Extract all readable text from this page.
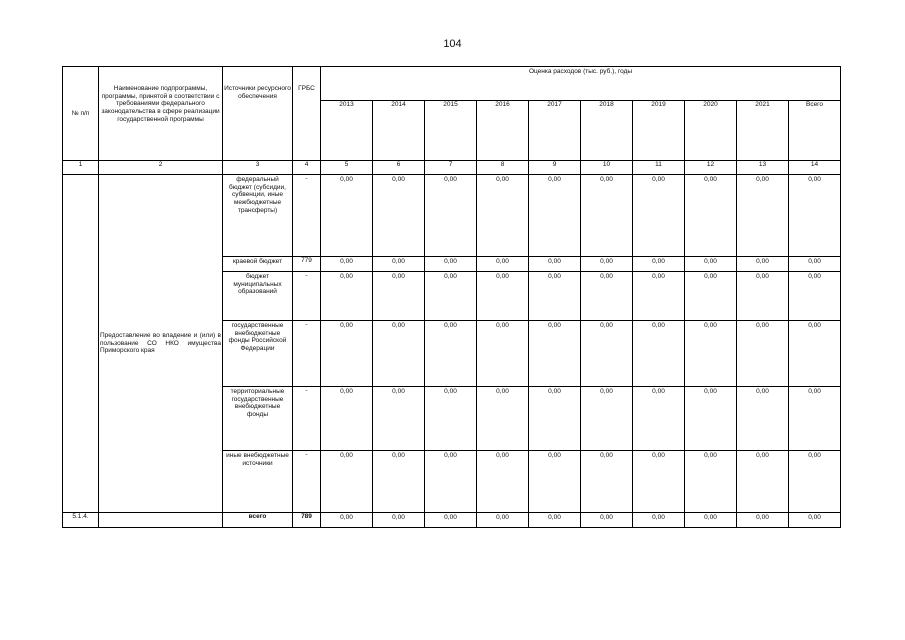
104
№ п/п	Наименование подпрограммы, программы, принятой в соответствии с требованиями федерального законодательства в сфере реализации государственной программы	Источники ресурсного обеспечения	ГРБС	Оценка расходов (тыс. руб.), годы									
				2013	2014	2015	2016	2017	2018	2019	2020	2021	Всего
1	2	3	4	5	6	7	8	9	10	11	12	13	14
	Предоставление во владение и (или) в пользование СО НКО имущества Приморского края	федеральный бюджет (субсидии, субвенции, иные межбюджетные трансферты)	-	0,00	0,00	0,00	0,00	0,00	0,00	0,00	0,00	0,00	0,00
		краевой бюджет	779	0,00	0,00	0,00	0,00	0,00	0,00	0,00	0,00	0,00	0,00
		бюджет муниципальных образований	-	0,00	0,00	0,00	0,00	0,00	0,00	0,00	0,00	0,00	0,00
		государственные внебюджетные фонды Российской Федерации	-	0,00	0,00	0,00	0,00	0,00	0,00	0,00	0,00	0,00	0,00
		территориальные государственные внебюджетные фонды	-	0,00	0,00	0,00	0,00	0,00	0,00	0,00	0,00	0,00	0,00
		иные внебюджетные источники	-	0,00	0,00	0,00	0,00	0,00	0,00	0,00	0,00	0,00	0,00
5.1.4.		всего	789	0,00	0,00	0,00	0,00	0,00	0,00	0,00	0,00	0,00	0,00
